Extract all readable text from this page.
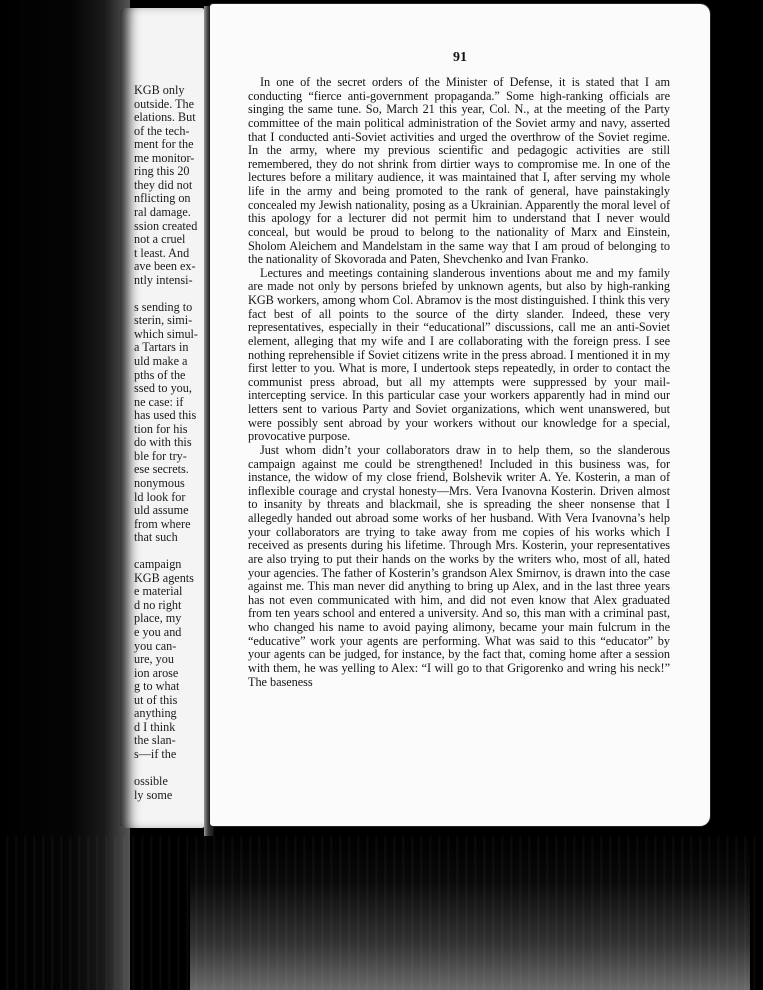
KGB only
outside. The
elations. But
of the tech-
ment for the
me monitor-
ring this 20
they did not
nflicting on
ral damage.
ssion created
not a cruel
t least. And
ave been ex-
ntly intensi-
s sending to
sterin, simi-
which simul-
a Tartars in
uld make a
pths of the
ssed to you,
ne case: if
has used this
tion for his
do with this
ble for try-
ese secrets.
nonymous
ld look for
uld assume
from where
that such
campaign
KGB agents
e material
d no right
place, my
e you and
you can-
ure, you
ion arose
g to what
ut of this
anything
d I think
the slan-
s—if the
ossible
ly some
91

In one of the secret orders of the Minister of Defense, it is stated that I am conducting “fierce anti-government propaganda.” Some high-ranking officials are singing the same tune. So, March 21 this year, Col. N., at the meeting of the Party committee of the main political administration of the Soviet army and navy, asserted that I conducted anti-Soviet activities and urged the overthrow of the Soviet regime. In the army, where my previous scientific and pedagogic activities are still remembered, they do not shrink from dirtier ways to compromise me. In one of the lectures before a military audience, it was maintained that I, after serving my whole life in the army and being promoted to the rank of general, have painstakingly concealed my Jewish nationality, posing as a Ukrainian. Apparently the moral level of this apology for a lecturer did not permit him to understand that I never would conceal, but would be proud to belong to the nationality of Marx and Einstein, Sholom Aleichem and Mandelstam in the same way that I am proud of belonging to the nationality of Skovorada and Paten, Shevchenko and Ivan Franko.

Lectures and meetings containing slanderous inventions about me and my family are made not only by persons briefed by unknown agents, but also by high-ranking KGB workers, among whom Col. Abramov is the most distinguished. I think this very fact best of all points to the source of the dirty slander. Indeed, these very representatives, especially in their “educational” discussions, call me an anti-Soviet element, alleging that my wife and I are collaborating with the foreign press. I see nothing reprehensible if Soviet citizens write in the press abroad. I mentioned it in my first letter to you. What is more, I undertook steps repeatedly, in order to contact the communist press abroad, but all my attempts were suppressed by your mail-intercepting service. In this particular case your workers apparently had in mind our letters sent to various Party and Soviet organizations, which went unanswered, but were possibly sent abroad by your workers without our knowledge for a special, provocative purpose.

Just whom didn’t your collaborators draw in to help them, so the slanderous campaign against me could be strengthened! Included in this business was, for instance, the widow of my close friend, Bolshevik writer A. Ye. Kosterin, a man of inflexible courage and crystal honesty—Mrs. Vera Ivanovna Kosterin. Driven almost to insanity by threats and blackmail, she is spreading the sheer nonsense that I allegedly handed out abroad some works of her husband. With Vera Ivanovna’s help your collaborators are trying to take away from me copies of his works which I received as presents during his lifetime. Through Mrs. Kosterin, your representatives are also trying to put their hands on the works by the writers who, most of all, hated your agencies. The father of Kosterin’s grandson Alex Smirnov, is drawn into the case against me. This man never did anything to bring up Alex, and in the last three years has not even communicated with him, and did not even know that Alex graduated from ten years school and entered a university. And so, this man with a criminal past, who changed his name to avoid paying alimony, became your main fulcrum in the “educative” work your agents are performing. What was said to this “educator” by your agents can be judged, for instance, by the fact that, coming home after a session with them, he was yelling to Alex: “I will go to that Grigorenko and wring his neck!” The baseness
